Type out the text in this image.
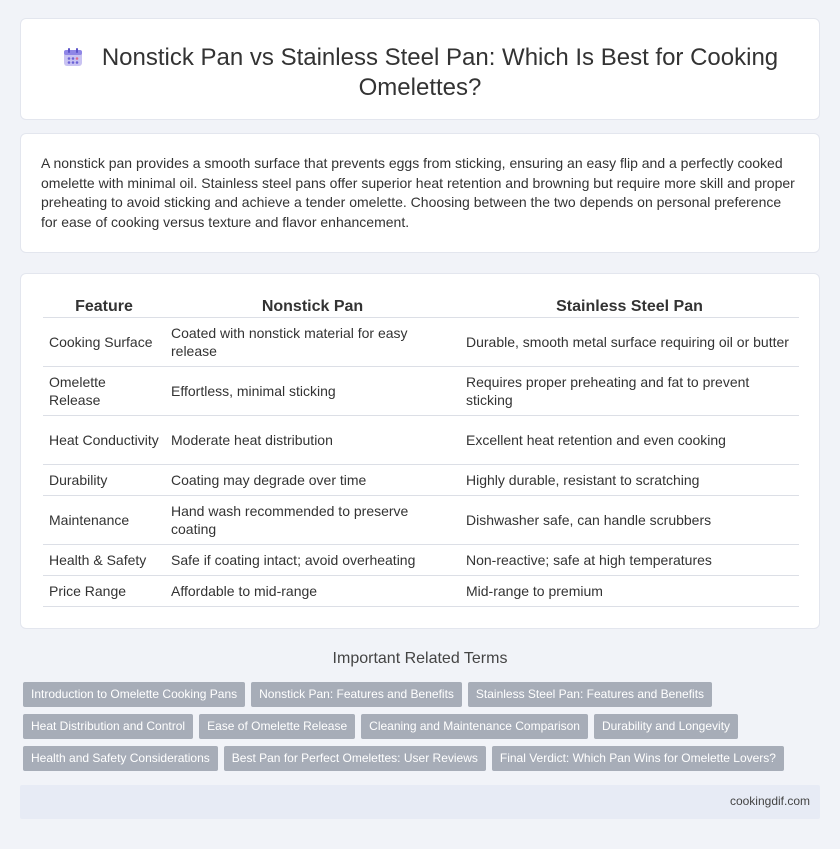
Nonstick Pan vs Stainless Steel Pan: Which Is Best for Cooking Omelettes?

A nonstick pan provides a smooth surface that prevents eggs from sticking, ensuring an easy flip and a perfectly cooked omelette with minimal oil. Stainless steel pans offer superior heat retention and browning but require more skill and proper preheating to avoid sticking and achieve a tender omelette. Choosing between the two depends on personal preference for ease of cooking versus texture and flavor enhancement.

Feature	Nonstick Pan	Stainless Steel Pan
Cooking Surface	Coated with nonstick material for easy release	Durable, smooth metal surface requiring oil or butter
Omelette Release	Effortless, minimal sticking	Requires proper preheating and fat to prevent sticking
Heat Conductivity	Moderate heat distribution	Excellent heat retention and even cooking
Durability	Coating may degrade over time	Highly durable, resistant to scratching
Maintenance	Hand wash recommended to preserve coating	Dishwasher safe, can handle scrubbers
Health & Safety	Safe if coating intact; avoid overheating	Non-reactive; safe at high temperatures
Price Range	Affordable to mid-range	Mid-range to premium
Important Related Terms
Introduction to Omelette Cooking Pans	Nonstick Pan: Features and Benefits	Stainless Steel Pan: Features and Benefits
Heat Distribution and Control	Ease of Omelette Release	Cleaning and Maintenance Comparison	Durability and Longevity
Health and Safety Considerations	Best Pan for Perfect Omelettes: User Reviews	Final Verdict: Which Pan Wins for Omelette Lovers?
cookingdif.com
